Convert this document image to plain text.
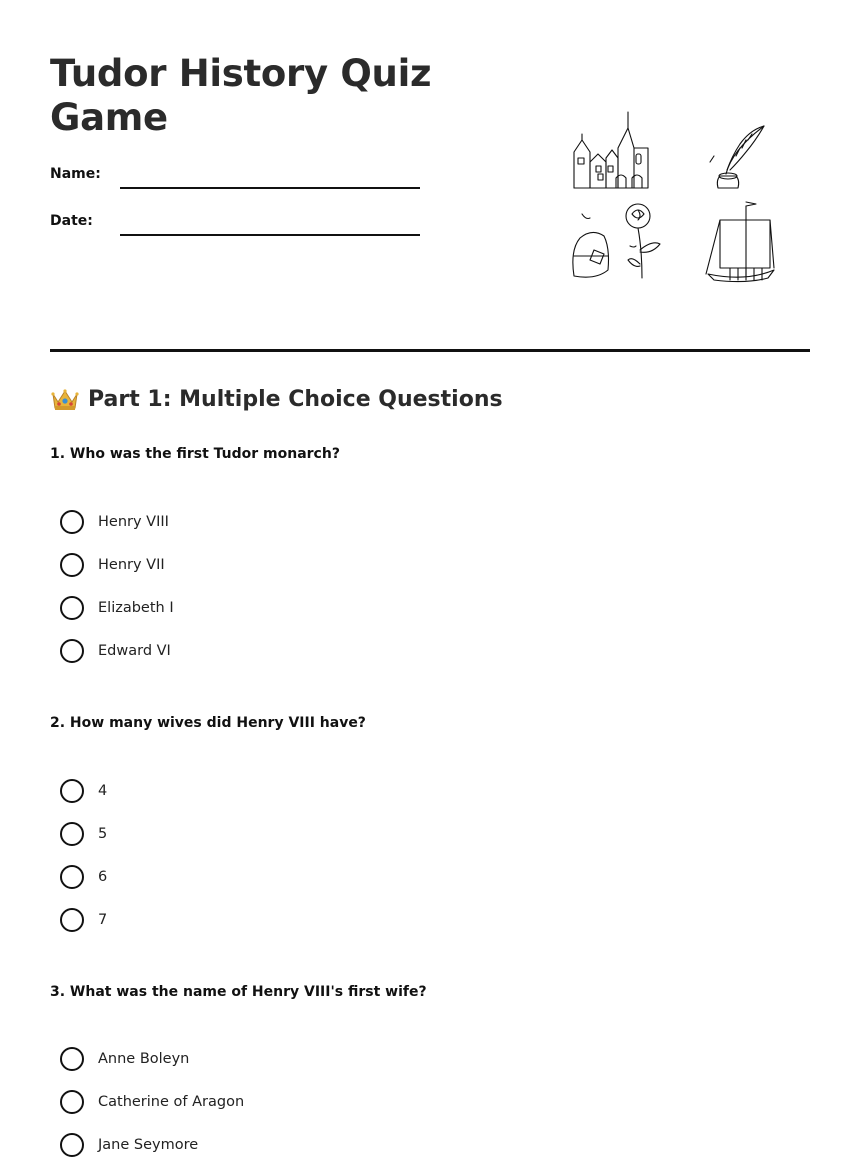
Tudor History Quiz Game
Name:
Date:
Part 1: Multiple Choice Questions

1. Who was the first Tudor monarch?

Henry VIII
Henry VII
Elizabeth I
Edward VI

2. How many wives did Henry VIII have?

4
5
6
7

3. What was the name of Henry VIII's first wife?

Anne Boleyn
Catherine of Aragon
Jane Seymore
